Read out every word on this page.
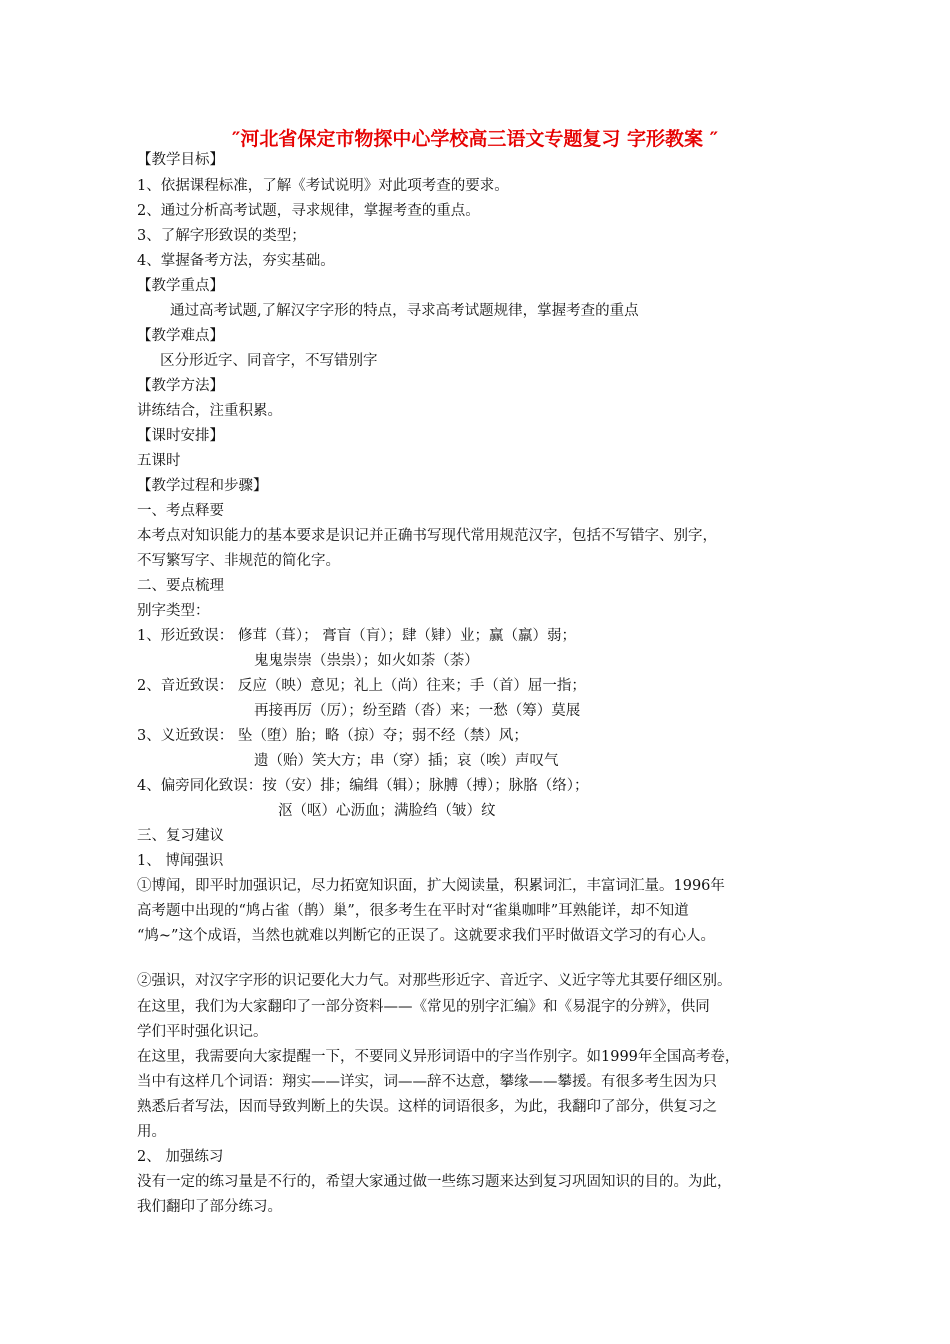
″河北省保定市物探中心学校高三语文专题复习 字形教案 ″
【教学目标】
1、依据课程标准，了解《考试说明》对此项考查的要求。
2、通过分析高考试题，寻求规律，掌握考查的重点。
3、了解字形致误的类型；
4、掌握备考方法，夯实基础。
【教学重点】
通过高考试题,了解汉字字形的特点，寻求高考试题规律，掌握考查的重点
【教学难点】
区分形近字、同音字，不写错别字
【教学方法】
讲练结合，注重积累。
【课时安排】
五课时
【教学过程和步骤】
一、考点释要
本考点对知识能力的基本要求是识记并正确书写现代常用规范汉字，包括不写错字、别字，
不写繁写字、非规范的简化字。
二、要点梳理
别字类型：
1、形近致误： 修茸（葺）； 膏盲（肓）；肆（肄）业；赢（羸）弱；
鬼鬼崇崇（祟祟）；如火如荼（荼）
2、音近致误： 反应（映）意见；礼上（尚）往来；手（首）屈一指；
再接再厉（厉）；纷至踏（沓）来；一愁（筹）莫展
3、义近致误： 坠（堕）胎；略（掠）夺；弱不经（禁）风；
遗（贻）笑大方；串（穿）插；哀（唉）声叹气
4、偏旁同化致误：按（安）排；编缉（辑）；脉膊（搏）；脉胳（络）；
沤（呕）心沥血；满脸绉（皱）纹
三、复习建议
1、 博闻强识
①博闻，即平时加强识记，尽力拓宽知识面，扩大阅读量，积累词汇，丰富词汇量。1996年
高考题中出现的“鸠占雀（鹊）巢”，很多考生在平时对“雀巢咖啡”耳熟能详，却不知道
“鸠~”这个成语，当然也就难以判断它的正误了。这就要求我们平时做语文学习的有心人。
②强识，对汉字字形的识记要化大力气。对那些形近字、音近字、义近字等尤其要仔细区别。
在这里，我们为大家翻印了一部分资料——《常见的别字汇编》和《易混字的分辨》，供同
学们平时强化识记。
在这里，我需要向大家提醒一下，不要同义异形词语中的字当作别字。如1999年全国高考卷，
当中有这样几个词语：翔实——详实，词——辞不达意，攀缘——攀援。有很多考生因为只
熟悉后者写法，因而导致判断上的失误。这样的词语很多，为此，我翻印了部分，供复习之
用。
2、 加强练习
没有一定的练习量是不行的，希望大家通过做一些练习题来达到复习巩固知识的目的。为此，
我们翻印了部分练习。
